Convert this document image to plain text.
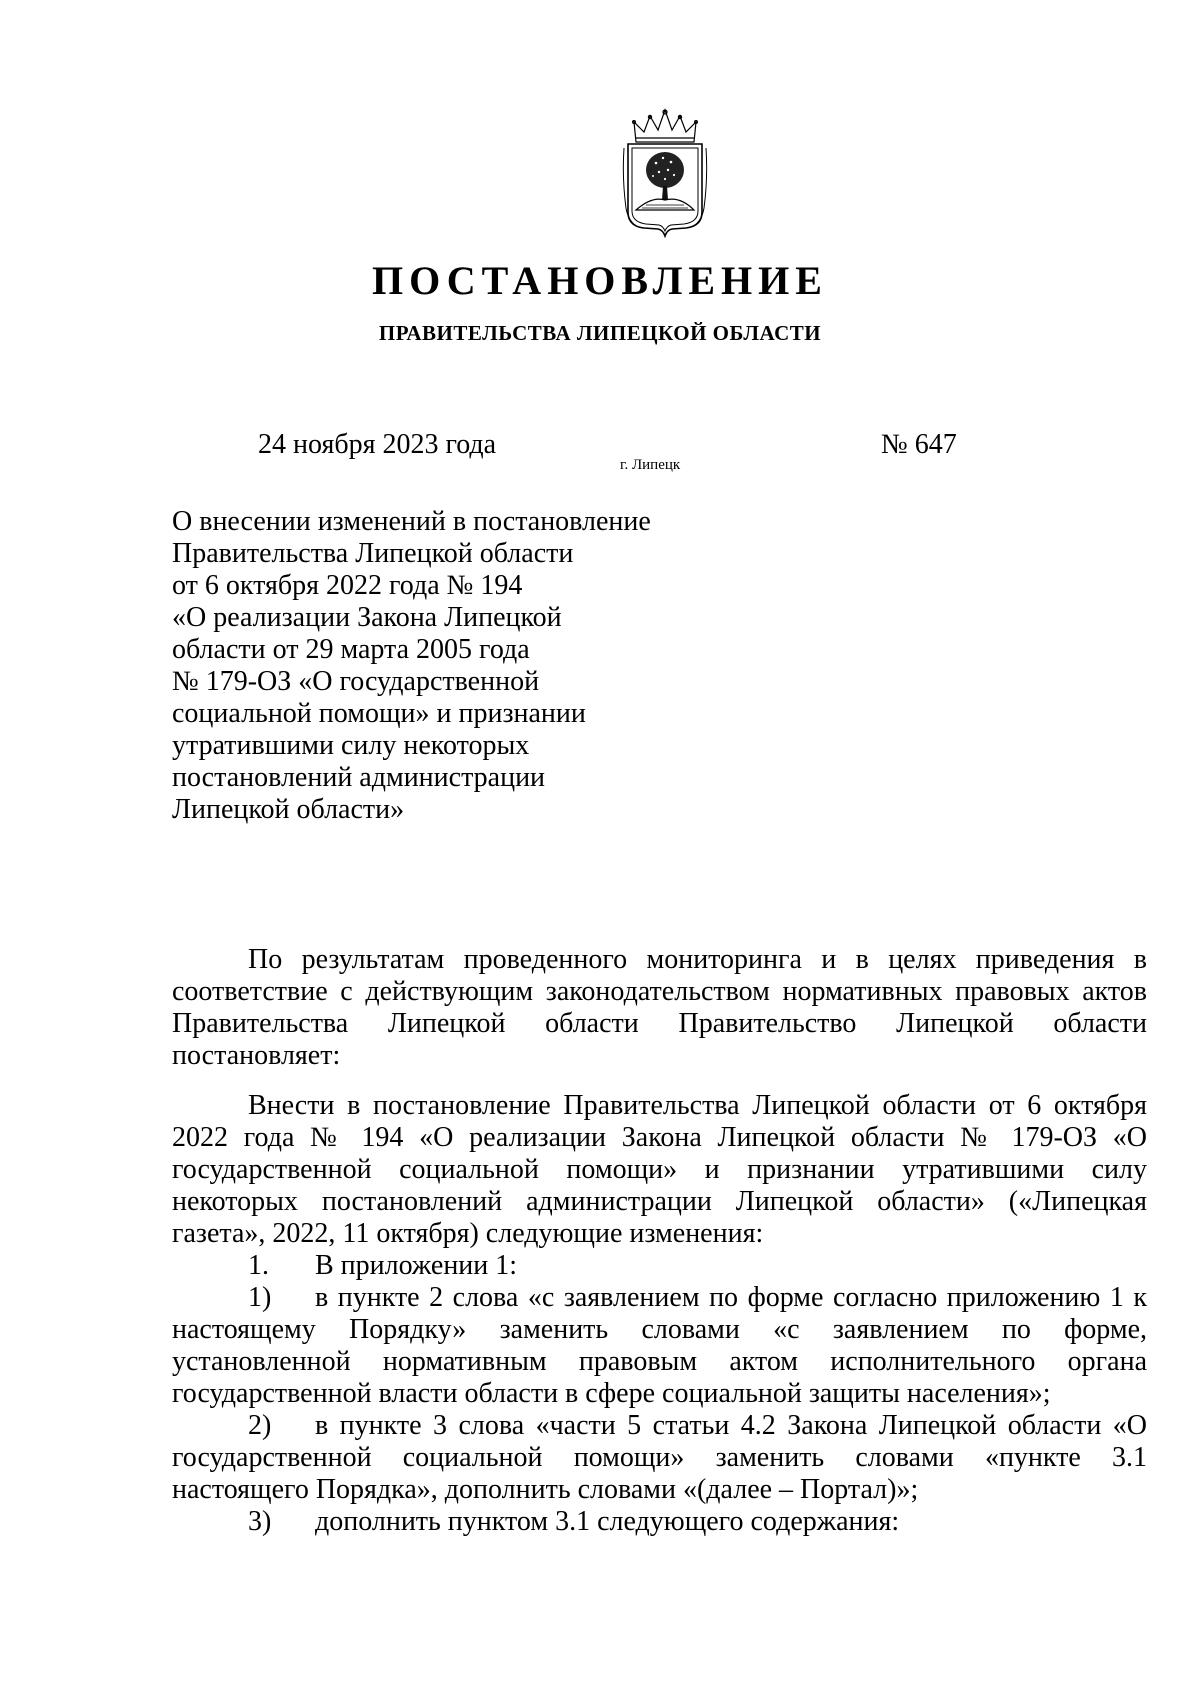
ПОСТАНОВЛЕНИЕ
ПРАВИТЕЛЬСТВА ЛИПЕЦКОЙ ОБЛАСТИ
24 ноября 2023 года
г. Липецк
№ 647
О внесении изменений в постановление
Правительства Липецкой области
от 6 октября 2022 года № 194
«О реализации Закона Липецкой
области от 29 марта 2005 года
№ 179-ОЗ «О государственной
социальной помощи» и признании
утратившими силу некоторых
постановлений администрации
Липецкой области»
По результатам проведенного мониторинга и в целях приведения в
соответствие с действующим законодательством нормативных правовых актов
Правительства Липецкой области Правительство Липецкой области
постановляет:
Внести в постановление Правительства Липецкой области от 6 октября
2022 года № 194 «О реализации Закона Липецкой области № 179-ОЗ «О
государственной социальной помощи» и признании утратившими силу
некоторых постановлений администрации Липецкой области» («Липецкая
газета», 2022, 11 октября) следующие изменения:
1. В приложении 1:
1) в пункте 2 слова «с заявлением по форме согласно приложению 1 к
настоящему Порядку» заменить словами «с заявлением по форме,
установленной нормативным правовым актом исполнительного органа
государственной власти области в сфере социальной защиты населения»;
2) в пункте 3 слова «части 5 статьи 4.2 Закона Липецкой области «О
государственной социальной помощи» заменить словами «пункте 3.1
настоящего Порядка», дополнить словами «(далее – Портал)»;
3) дополнить пунктом 3.1 следующего содержания:
